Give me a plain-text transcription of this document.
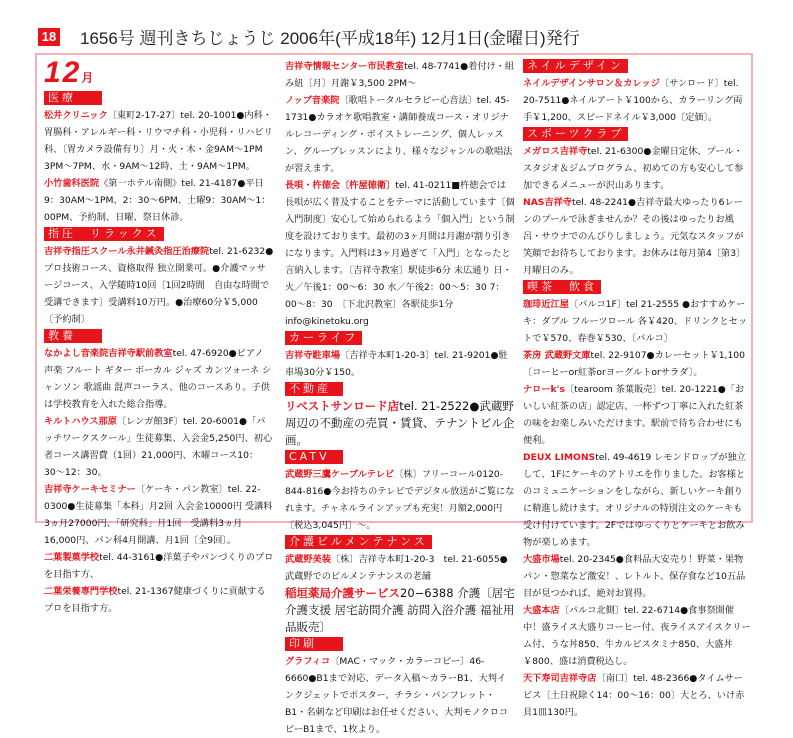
18 1656号 週刊きちじょうじ 2006年(平成18年) 12月1日(金曜日)発行
12月
医療
松井クリニック〔東町2-17-27〕tel. 20-1001●内科・胃腸科・アレルギー科・リウマチ科・小児科・リハビリ科、〔胃カメラ設備有り〕月・火・木・金9AM〜1PM 3PM〜7PM、水・9AM〜12時、土・9AM〜1PM。
小竹歯科医院《第一ホテル南側》tel. 21-4187●平日9：30AM〜1PM、2：30〜6PM、土曜9：30AM〜1：00PM、予約制、日曜、祭日休診。
指圧　リラックス
吉祥寺指圧スクール永井鍼灸指圧治療院tel. 21-6232●プロ技術コース、資格取得 独立開業可。●介護マッサージコース、入学随時10回〔1回2時間　自由な時間で受講できます〕受講料10万円。●治療60分￥5,000〔予約制〕
教養
なかよし音楽院吉祥寺駅前教室tel. 47-6920●ピアノ 声楽 フルート ギター ボーカル ジャズ カンツォーネ シャンソン 歌謡曲 混声コーラス、他のコースあり。子供は学校教育を入れた総合指導。
キルトハウス那原〔レンガ館3F〕tel. 20-6001●「パッチワークスクール」生徒募集、入会金5,250円、初心者コース講習費（1回）21,000円、木曜コース10：30〜12：30。
吉祥寺ケーキセミナー〔ケーキ・パン教室〕tel. 22-0300●生徒募集「本科」月2回 入会金10000円 受講料3ヵ月27000円、「研究科」月1回　受講料3ヵ月16,000円、パン科4月開講、月1回〔全9回〕。
二葉製菓学校tel. 44-3161●洋菓子やパンづくりのプロを目指す方、
二葉栄養専門学校tel. 21-1367健康づくりに貢献するプロを目指す方。
吉祥寺情報センター市民教室tel. 48-7741●着付け・組み紐〔月〕月謝￥3,500 2PM〜
ノッブ音楽院〔歌唱トータルセラピー心音法〕tel. 45-1731●カラオケ歌唱教室・講師養成コース・オリジナルレコーディング・ボイストレーニング、個人レッスン、グループレッスンにより、様々なジャンルの歌唱法が習えます。
長唄・杵徳会〔杵屋徳衛〕tel. 41-0211■杵徳会では長唄が広く普及することをテーマに活動しています〔個入門制度〕安心して始められるよう「個入門」という制度を設けております。最初の3ヶ月間は月謝が割り引きになります。入門料は3ヶ月過ぎて「入門」となったと言納入します。〔吉祥寺教室〕駅徒歩6分 末広通り 日・火／午後1：00〜6：30 水／午後2：00〜5：30 7：00〜8：30　〔下北沢教室〕各駅徒歩1分 info@kinetoku.org
カーライフ
吉祥寺駐車場〔吉祥寺本町1-20-3〕tel. 21-9201●駐車場30分￥150。
不動産
リベストサンロード店tel. 21-2522●武蔵野周辺の不動産の売買・賃貸、テナントビル企画。
CATV
武蔵野三鷹ケーブルテレビ〔株〕フリーコール0120-844-816●今お持ちのテレビでデジタル放送がご覧になれます。チャネルラインアップも充実！月額2,000円〔税込3,045円〕〜。
介護ビルメンテナンス
武蔵野美装〔株〕吉祥寺本町1-20-3　tel. 21-6055●武蔵野でのビルメンテナンスの老舗
稲垣薬局介護サービス20−6388 介護〔居宅介護支援 居宅訪問介護 訪問入浴介護 福祉用品販売〕
印刷
グラフィコ〔MAC・マック・カラーコピー〕46-6660●B1まで対応、データ入稿〜カラーB1、大判インクジェットでポスター、チラシ・パンフレット・B1・名刺など印刷はお任せください、大判モノクロコピーB1まで、1枚より。
ネイルデザイン
ネイルデザインサロン＆カレッジ〔サンロード〕tel. 20-7511●ネイルアート￥100から、カラーリング両手￥1,200、スピードネイル￥3,000〔定価〕。
スポーツクラブ
メガロス吉祥寺tel. 21-6300●金曜日定休、プール・スタジオ＆ジムプログラム、初めての方も安心して参加できるメニューが沢山あります。
NAS吉祥寺tel. 48-2241●吉祥寺最大ゆったり6レーンのプールで泳ぎませんか？その後はゆったりお風呂・サウナでのんびりしましょう。元気なスタッフが笑顔でお待ちしております。お休みは毎月第4〔第3〕月曜日のみ。
喫茶　飲食
珈琲近江屋〔パルコ1F〕tel 21-2555 ●おすすめケーキ：ダブル フルーツロール 各￥420、ドリンクとセットで￥570、春巻￥530、〔パルコ〕
茶房 武蔵野文庫tel. 22-9107●カレーセット￥1,100〔コーヒーor紅茶orヨーグルトorサラダ〕。
ナローk's〔tearoom 茶葉販売〕tel. 20-1221●「おいしい紅茶の店」認定店、一杯ずつ丁寧に入れた紅茶の味をお楽しみいただけます。駅前で待ち合わせにも便利。
DEUX LIMONStel. 49-4619 レモンドロップが独立して、1Fにケーキのアトリエを作りました。お客様とのコミュニケーションをしながら、新しいケーキ創りに精進し続けます。オリジナルの特別注文のケーキも受け付けています。2Fではゆっくりとケーキとお飲み物が楽しめます。
大盛市場tel. 20-2345●食料品大安売り！野菜・果物パン・惣菜など激安！、レトルト、保存食など10五品目が見つかれば、絶対お買得。
大盛本店〔パルコ北側〕tel. 22-6714●食事祭開催中！盛ライス大盛りコーヒー付、夜ライスアイスクリーム付、うな丼850、牛カルビスタミナ850、大盛丼￥800、盛は消費税込し。
天下寿司吉祥寺店〔南口〕tel. 48-2366●タイムサービス〔土日祝除く14：00〜16：00〕大とろ、いけ赤貝1皿130円。
